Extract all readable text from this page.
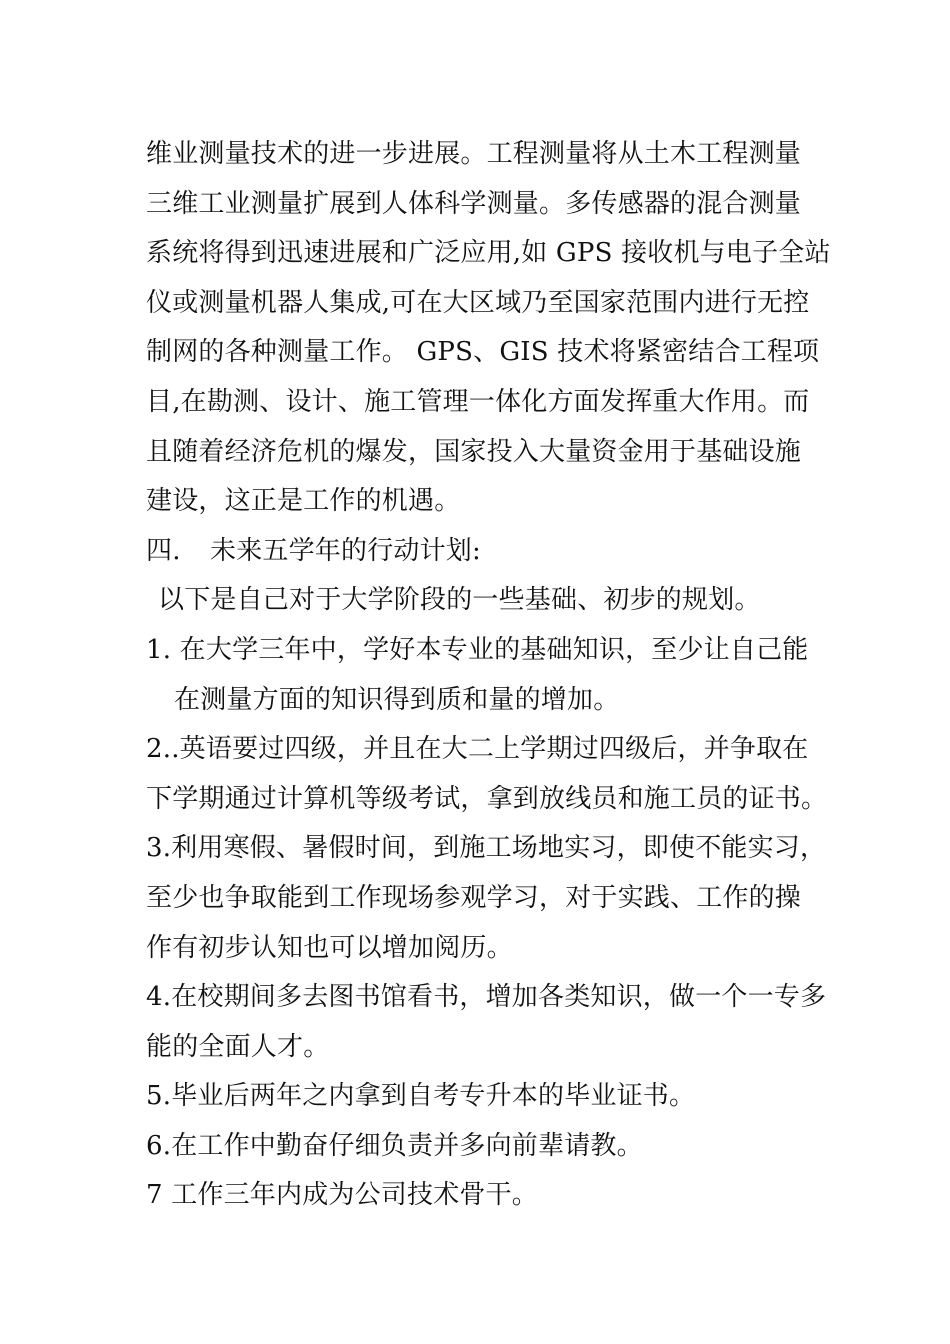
维业测量技术的进一步进展。工程测量将从土木工程测量
三维工业测量扩展到人体科学测量。多传感器的混合测量
系统将得到迅速进展和广泛应用,如 GPS 接收机与电子全站
仪或测量机器人集成,可在大区域乃至国家范围内进行无控
制网的各种测量工作。 GPS、GIS 技术将紧密结合工程项
目,在勘测、设计、施工管理一体化方面发挥重大作用。而
且随着经济危机的爆发，国家投入大量资金用于基础设施
建设，这正是工作的机遇。
四. 未来五学年的行动计划:
以下是自己对于大学阶段的一些基础、初步的规划。
1. 在大学三年中，学好本专业的基础知识，至少让自己能
在测量方面的知识得到质和量的增加。
2..英语要过四级，并且在大二上学期过四级后，并争取在
下学期通过计算机等级考试，拿到放线员和施工员的证书。
3.利用寒假、暑假时间，到施工场地实习，即使不能实习，
至少也争取能到工作现场参观学习，对于实践、工作的操
作有初步认知也可以增加阅历。
4.在校期间多去图书馆看书，增加各类知识，做一个一专多
能的全面人才。
5.毕业后两年之内拿到自考专升本的毕业证书。
6.在工作中勤奋仔细负责并多向前辈请教。
7 工作三年内成为公司技术骨干。
